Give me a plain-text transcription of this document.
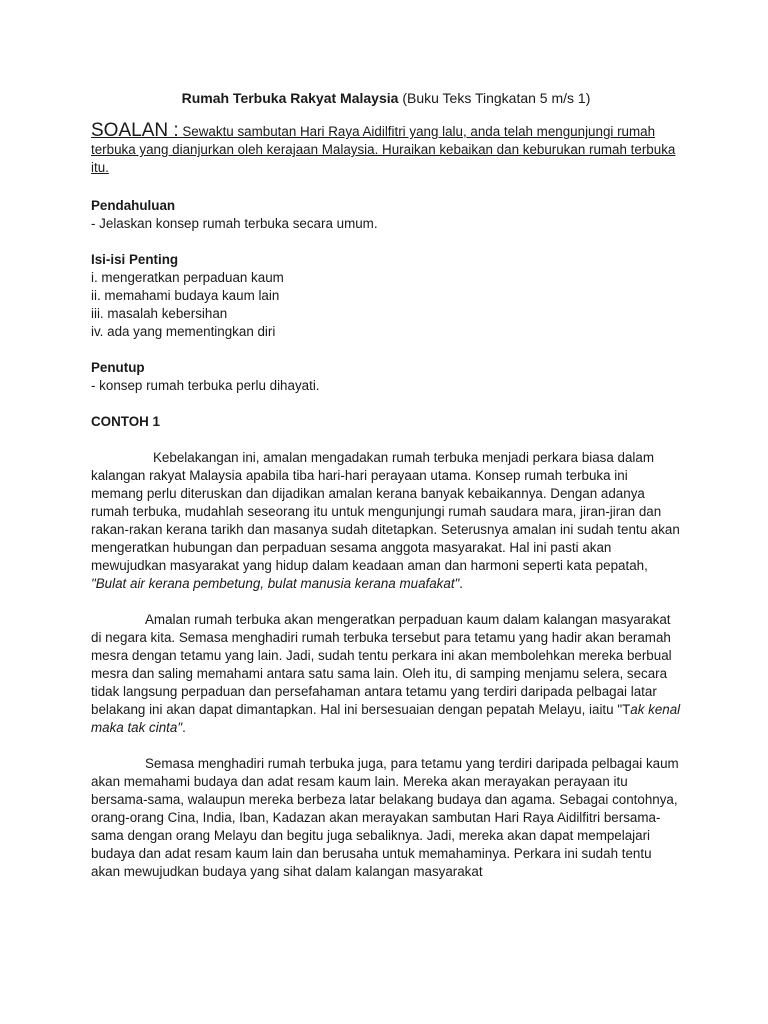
Rumah Terbuka Rakyat Malaysia (Buku Teks Tingkatan 5 m/s 1)
SOALAN : Sewaktu sambutan Hari Raya Aidilfitri yang lalu, anda telah mengunjungi rumah terbuka yang dianjurkan oleh kerajaan Malaysia. Huraikan kebaikan dan keburukan rumah terbuka itu.
Pendahuluan
- Jelaskan konsep rumah terbuka secara umum.
Isi-isi Penting
i. mengeratkan perpaduan kaum
ii. memahami budaya kaum lain
iii. masalah kebersihan
iv. ada yang mementingkan diri
Penutup
- konsep rumah terbuka perlu dihayati.
CONTOH 1

Kebelakangan ini, amalan mengadakan rumah terbuka menjadi perkara biasa dalam kalangan rakyat Malaysia apabila tiba hari-hari perayaan utama. Konsep rumah terbuka ini memang perlu diteruskan dan dijadikan amalan kerana banyak kebaikannya. Dengan adanya rumah terbuka, mudahlah seseorang itu untuk mengunjungi rumah saudara mara, jiran-jiran dan rakan-rakan kerana tarikh dan masanya sudah ditetapkan. Seterusnya amalan ini sudah tentu akan mengeratkan hubungan dan perpaduan sesama anggota masyarakat. Hal ini pasti akan mewujudkan masyarakat yang hidup dalam keadaan aman dan harmoni seperti kata pepatah, "Bulat air kerana pembetung, bulat manusia kerana muafakat".

Amalan rumah terbuka akan mengeratkan perpaduan kaum dalam kalangan masyarakat di negara kita. Semasa menghadiri rumah terbuka tersebut para tetamu yang hadir akan beramah mesra dengan tetamu yang lain. Jadi, sudah tentu perkara ini akan membolehkan mereka berbual mesra dan saling memahami antara satu sama lain. Oleh itu, di samping menjamu selera, secara tidak langsung perpaduan dan persefahaman antara tetamu yang terdiri daripada pelbagai latar belakang ini akan dapat dimantapkan. Hal ini bersesuaian dengan pepatah Melayu, iaitu "Tak kenal maka tak cinta".

Semasa menghadiri rumah terbuka juga, para tetamu yang terdiri daripada pelbagai kaum akan memahami budaya dan adat resam kaum lain. Mereka akan merayakan perayaan itu bersama-sama, walaupun mereka berbeza latar belakang budaya dan agama. Sebagai contohnya, orang-orang Cina, India, Iban, Kadazan akan merayakan sambutan Hari Raya Aidilfitri bersama-sama dengan orang Melayu dan begitu juga sebaliknya. Jadi, mereka akan dapat mempelajari budaya dan adat resam kaum lain dan berusaha untuk memahaminya. Perkara ini sudah tentu akan mewujudkan budaya yang sihat dalam kalangan masyarakat
